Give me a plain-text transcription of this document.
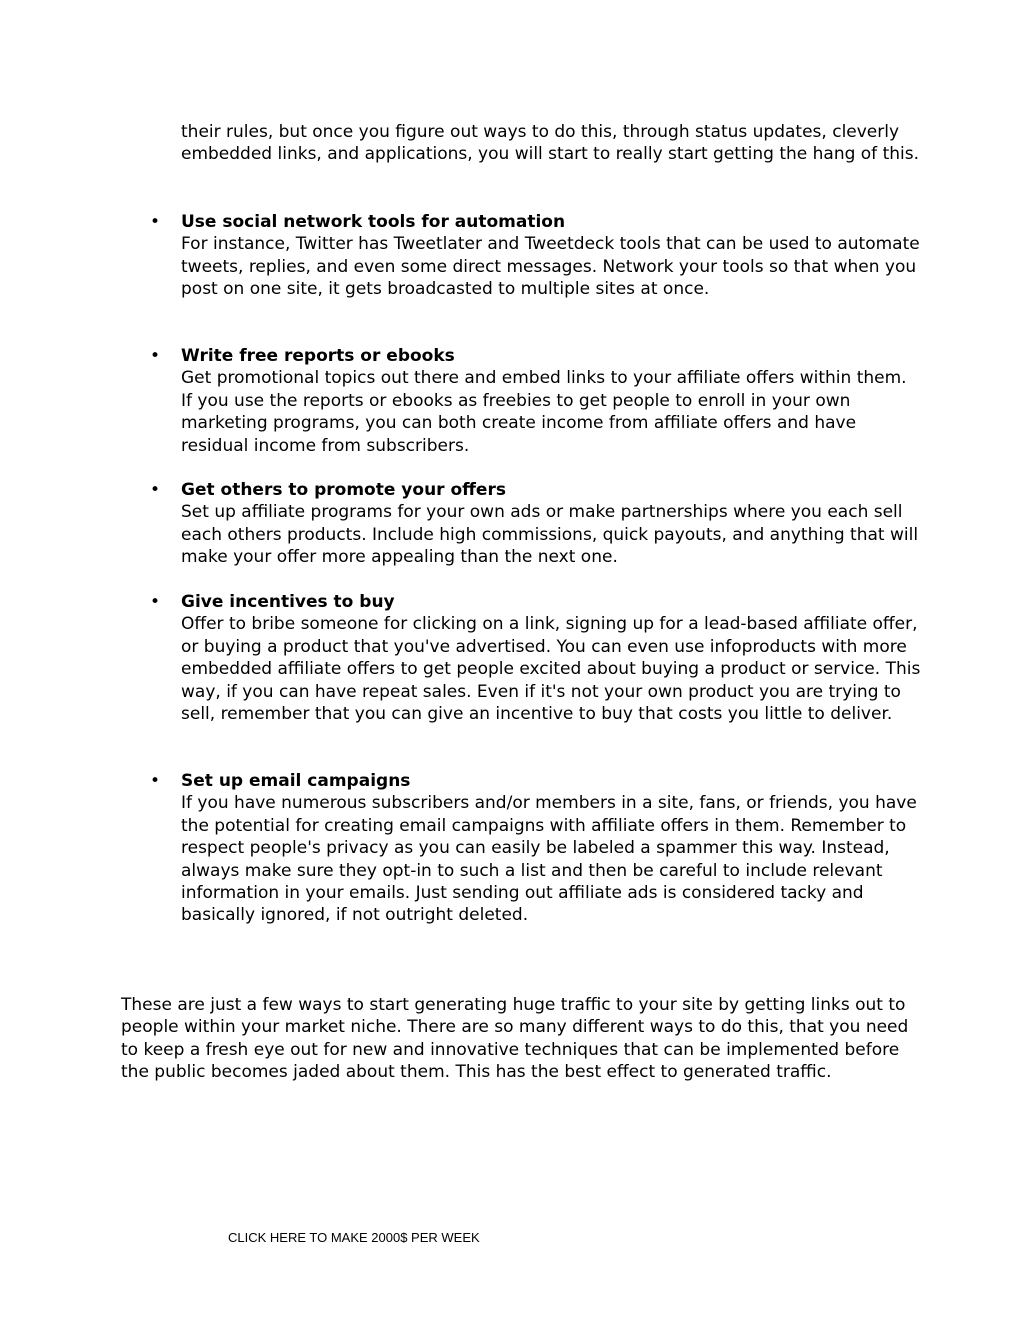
their rules, but once you figure out ways to do this, through status updates, cleverly embedded links, and applications, you will start to really start getting the hang of this.

• Use social network tools for automation
For instance, Twitter has Tweetlater and Tweetdeck tools that can be used to automate tweets, replies, and even some direct messages. Network your tools so that when you post on one site, it gets broadcasted to multiple sites at once.
• Write free reports or ebooks
Get promotional topics out there and embed links to your affiliate offers within them. If you use the reports or ebooks as freebies to get people to enroll in your own marketing programs, you can both create income from affiliate offers and have residual income from subscribers.
• Get others to promote your offers
Set up affiliate programs for your own ads or make partnerships where you each sell each others products. Include high commissions, quick payouts, and anything that will make your offer more appealing than the next one.
• Give incentives to buy
Offer to bribe someone for clicking on a link, signing up for a lead-based affiliate offer, or buying a product that you've advertised. You can even use infoproducts with more embedded affiliate offers to get people excited about buying a product or service. This way, if you can have repeat sales. Even if it's not your own product you are trying to sell, remember that you can give an incentive to buy that costs you little to deliver.
• Set up email campaigns
If you have numerous subscribers and/or members in a site, fans, or friends, you have the potential for creating email campaigns with affiliate offers in them. Remember to respect people's privacy as you can easily be labeled a spammer this way. Instead, always make sure they opt-in to such a list and then be careful to include relevant information in your emails. Just sending out affiliate ads is considered tacky and basically ignored, if not outright deleted.

These are just a few ways to start generating huge traffic to your site by getting links out to people within your market niche. There are so many different ways to do this, that you need to keep a fresh eye out for new and innovative techniques that can be implemented before the public becomes jaded about them. This has the best effect to generated traffic.

CLICK HERE TO MAKE 2000$ PER WEEK
